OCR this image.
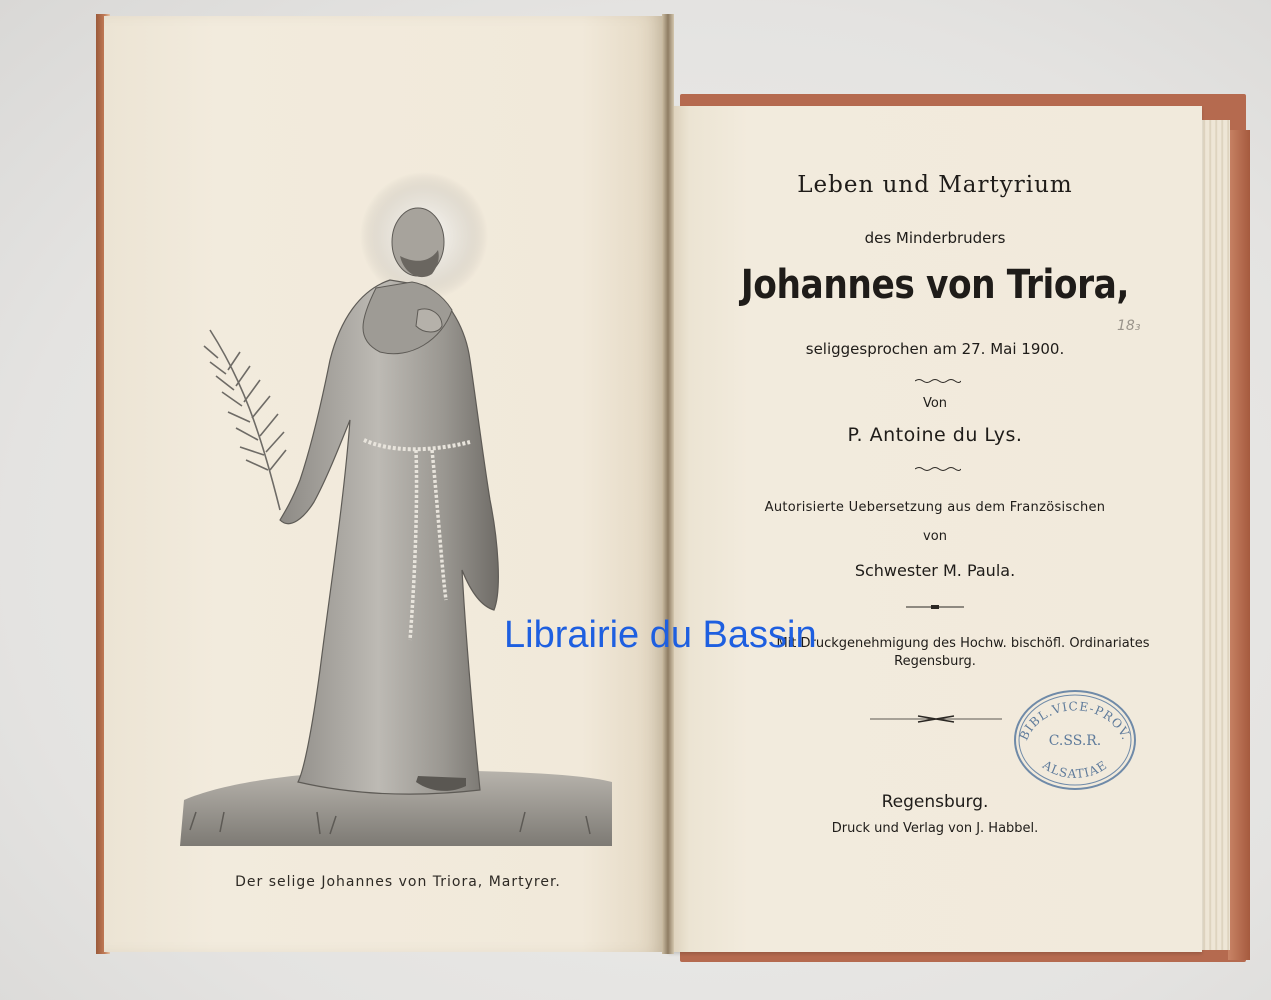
Der selige Johannes von Triora, Martyrer.
Leben und Martyrium
des Minderbruders
Johannes von Triora,
seliggesprochen am 27. Mai 1900.
Von
P. Antoine du Lys.
Autorisierte Uebersetzung aus dem Französischen
von
Schwester M. Paula.
Mit Druckgenehmigung des Hochw. bischöfl. Ordinariates
Regensburg.
Regensburg.
Druck und Verlag von J. Habbel.
18₃
BIBL.VICE-PROV.
C.SS.R.
ALSATIAE
Librairie du Bassin
